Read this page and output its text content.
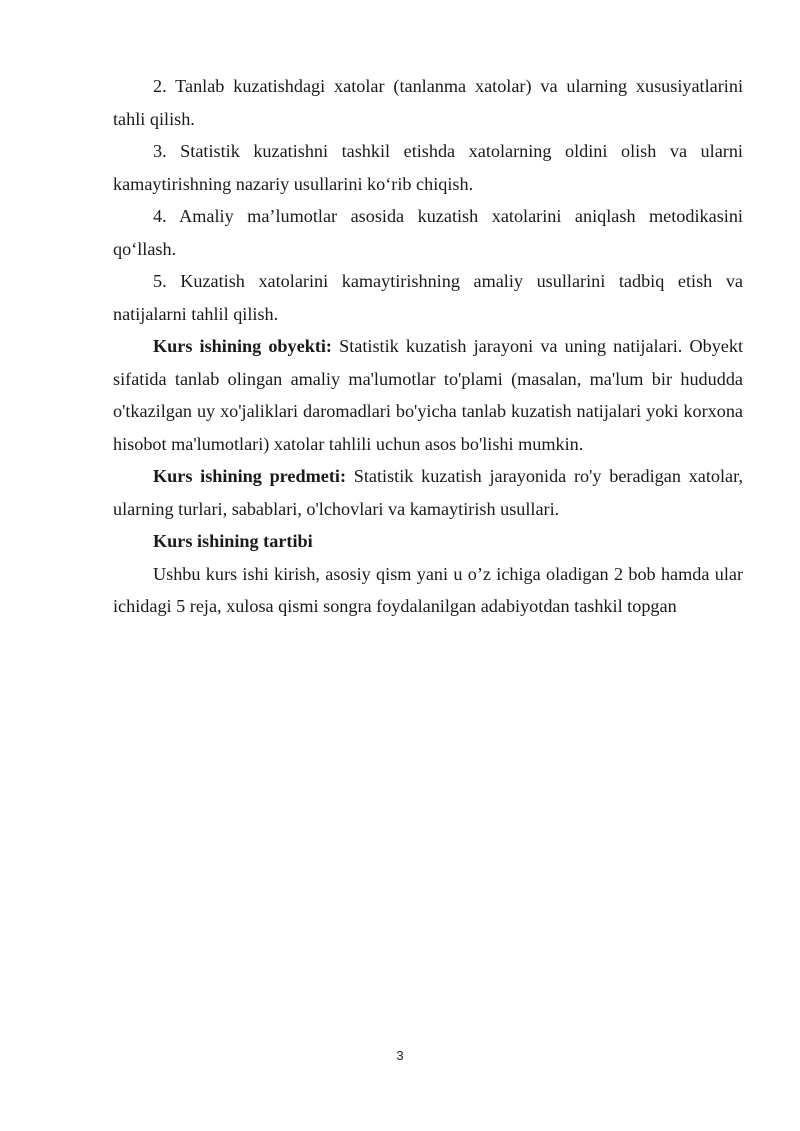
2. Tanlab kuzatishdagi xatolar (tanlanma xatolar) va ularning xususiyatlarini tahli qilish.

3. Statistik kuzatishni tashkil etishda xatolarning oldini olish va ularni kamaytirishning nazariy usullarini ko‘rib chiqish.

4. Amaliy ma’lumotlar asosida kuzatish xatolarini aniqlash metodikasini qo‘llash.

5. Kuzatish xatolarini kamaytirishning amaliy usullarini tadbiq etish va natijalarni tahlil qilish.

Kurs ishining obyekti: Statistik kuzatish jarayoni va uning natijalari. Obyekt sifatida tanlab olingan amaliy ma'lumotlar to'plami (masalan, ma'lum bir hududda o'tkazilgan uy xo'jaliklari daromadlari bo'yicha tanlab kuzatish natijalari yoki korxona hisobot ma'lumotlari) xatolar tahlili uchun asos bo'lishi mumkin.

Kurs ishining predmeti: Statistik kuzatish jarayonida ro'y beradigan xatolar, ularning turlari, sabablari, o'lchovlari va kamaytirish usullari.

Kurs ishining tartibi

Ushbu kurs ishi kirish, asosiy qism yani u o’z ichiga oladigan 2 bob hamda ular ichidagi 5 reja, xulosa qismi songra foydalanilgan adabiyotdan tashkil topgan

3
